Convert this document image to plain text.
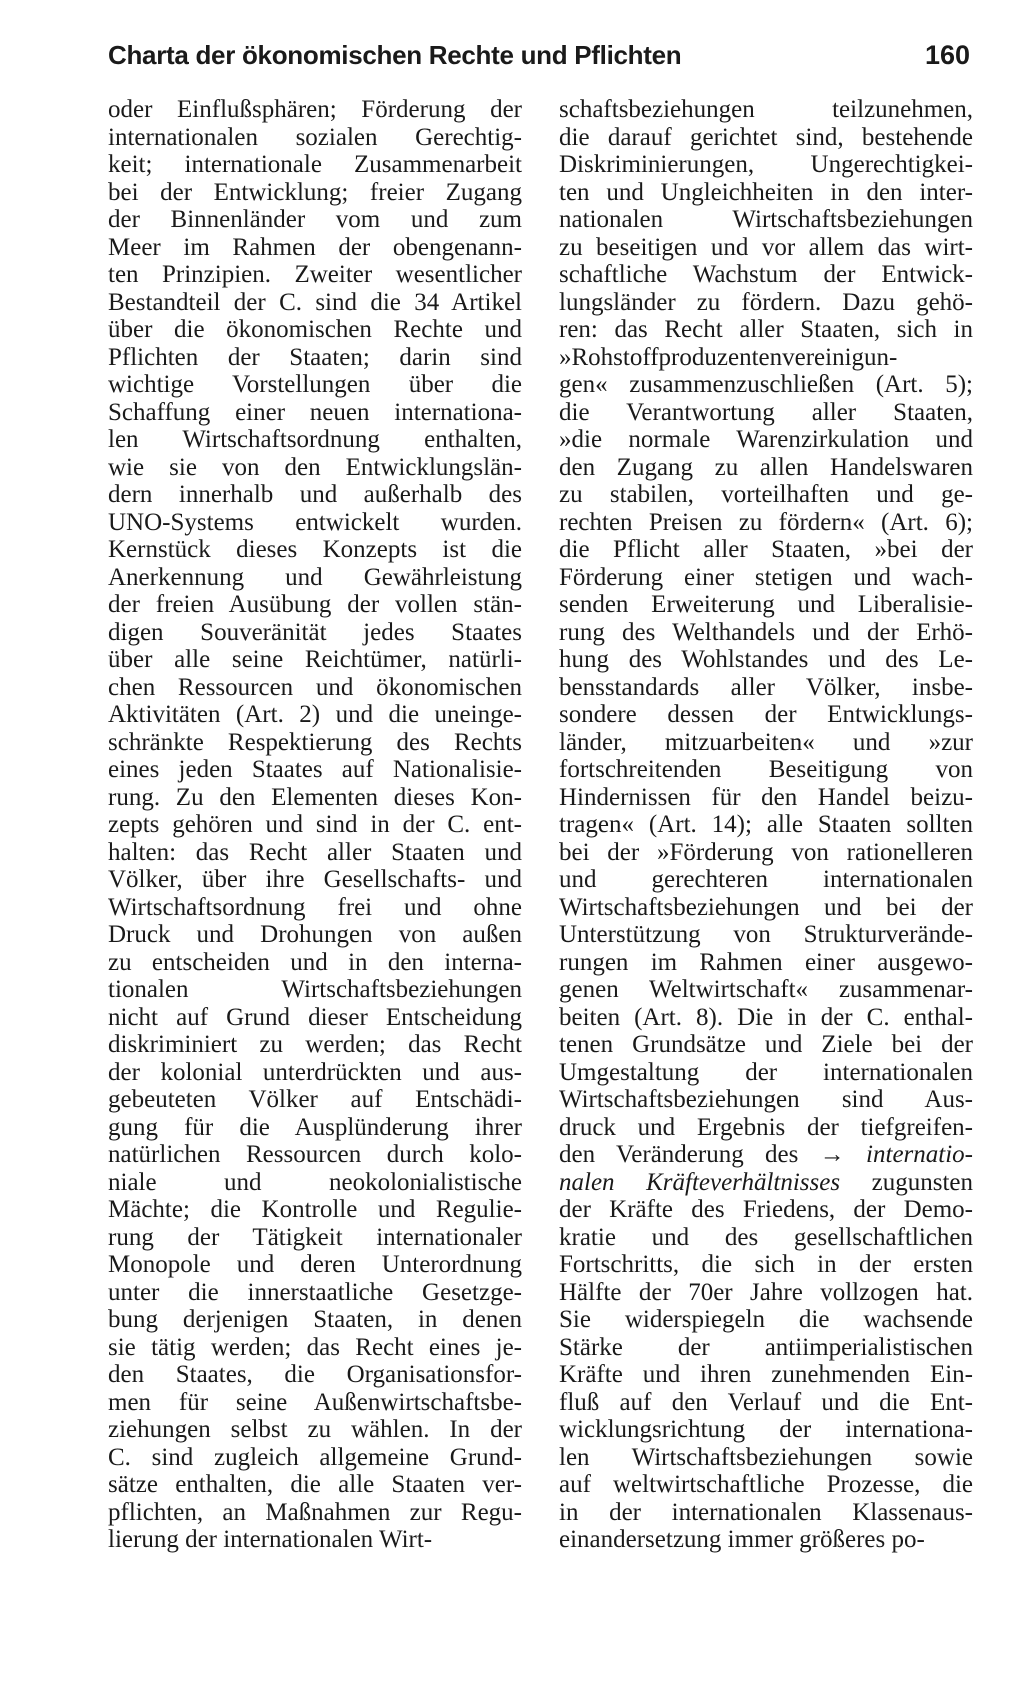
Charta der ökonomischen Rechte und Pflichten	160
oder Einflußsphären; Förderung der
internationalen sozialen Gerechtig-
keit; internationale Zusammenarbeit
bei der Entwicklung; freier Zugang
der Binnenländer vom und zum
Meer im Rahmen der obengenann-
ten Prinzipien. Zweiter wesentlicher
Bestandteil der C. sind die 34 Artikel
über die ökonomischen Rechte und
Pflichten der Staaten; darin sind
wichtige Vorstellungen über die
Schaffung einer neuen internationa-
len Wirtschaftsordnung enthalten,
wie sie von den Entwicklungslän-
dern innerhalb und außerhalb des
UNO-Systems entwickelt wurden.
Kernstück dieses Konzepts ist die
Anerkennung und Gewährleistung
der freien Ausübung der vollen stän-
digen Souveränität jedes Staates
über alle seine Reichtümer, natürli-
chen Ressourcen und ökonomischen
Aktivitäten (Art. 2) und die uneinge-
schränkte Respektierung des Rechts
eines jeden Staates auf Nationalisie-
rung. Zu den Elementen dieses Kon-
zepts gehören und sind in der C. ent-
halten: das Recht aller Staaten und
Völker, über ihre Gesellschafts- und
Wirtschaftsordnung frei und ohne
Druck und Drohungen von außen
zu entscheiden und in den interna-
tionalen Wirtschaftsbeziehungen
nicht auf Grund dieser Entscheidung
diskriminiert zu werden; das Recht
der kolonial unterdrückten und aus-
gebeuteten Völker auf Entschädi-
gung für die Ausplünderung ihrer
natürlichen Ressourcen durch kolo-
niale und neokolonialistische
Mächte; die Kontrolle und Regulie-
rung der Tätigkeit internationaler
Monopole und deren Unterordnung
unter die innerstaatliche Gesetzge-
bung derjenigen Staaten, in denen
sie tätig werden; das Recht eines je-
den Staates, die Organisationsfor-
men für seine Außenwirtschaftsbe-
ziehungen selbst zu wählen. In der
C. sind zugleich allgemeine Grund-
sätze enthalten, die alle Staaten ver-
pflichten, an Maßnahmen zur Regu-
lierung der internationalen Wirt-
schaftsbeziehungen teilzunehmen,
die darauf gerichtet sind, bestehende
Diskriminierungen, Ungerechtigkei-
ten und Ungleichheiten in den inter-
nationalen Wirtschaftsbeziehungen
zu beseitigen und vor allem das wirt-
schaftliche Wachstum der Entwick-
lungsländer zu fördern. Dazu gehö-
ren: das Recht aller Staaten, sich in
»Rohstoffproduzentenvereinigun-
gen« zusammenzuschließen (Art. 5);
die Verantwortung aller Staaten,
»die normale Warenzirkulation und
den Zugang zu allen Handelswaren
zu stabilen, vorteilhaften und ge-
rechten Preisen zu fördern« (Art. 6);
die Pflicht aller Staaten, »bei der
Förderung einer stetigen und wach-
senden Erweiterung und Liberalisie-
rung des Welthandels und der Erhö-
hung des Wohlstandes und des Le-
bensstandards aller Völker, insbe-
sondere dessen der Entwicklungs-
länder, mitzuarbeiten« und »zur
fortschreitenden Beseitigung von
Hindernissen für den Handel beizu-
tragen« (Art. 14); alle Staaten sollten
bei der »Förderung von rationelleren
und gerechteren internationalen
Wirtschaftsbeziehungen und bei der
Unterstützung von Strukturverände-
rungen im Rahmen einer ausgewo-
genen Weltwirtschaft« zusammenar-
beiten (Art. 8). Die in der C. enthal-
tenen Grundsätze und Ziele bei der
Umgestaltung der internationalen
Wirtschaftsbeziehungen sind Aus-
druck und Ergebnis der tiefgreifen-
den Veränderung des → internatio-
nalen Kräfteverhältnisses zugunsten
der Kräfte des Friedens, der Demo-
kratie und des gesellschaftlichen
Fortschritts, die sich in der ersten
Hälfte der 70er Jahre vollzogen hat.
Sie widerspiegeln die wachsende
Stärke der antiimperialistischen
Kräfte und ihren zunehmenden Ein-
fluß auf den Verlauf und die Ent-
wicklungsrichtung der internationa-
len Wirtschaftsbeziehungen sowie
auf weltwirtschaftliche Prozesse, die
in der internationalen Klassenaus-
einandersetzung immer größeres po-
